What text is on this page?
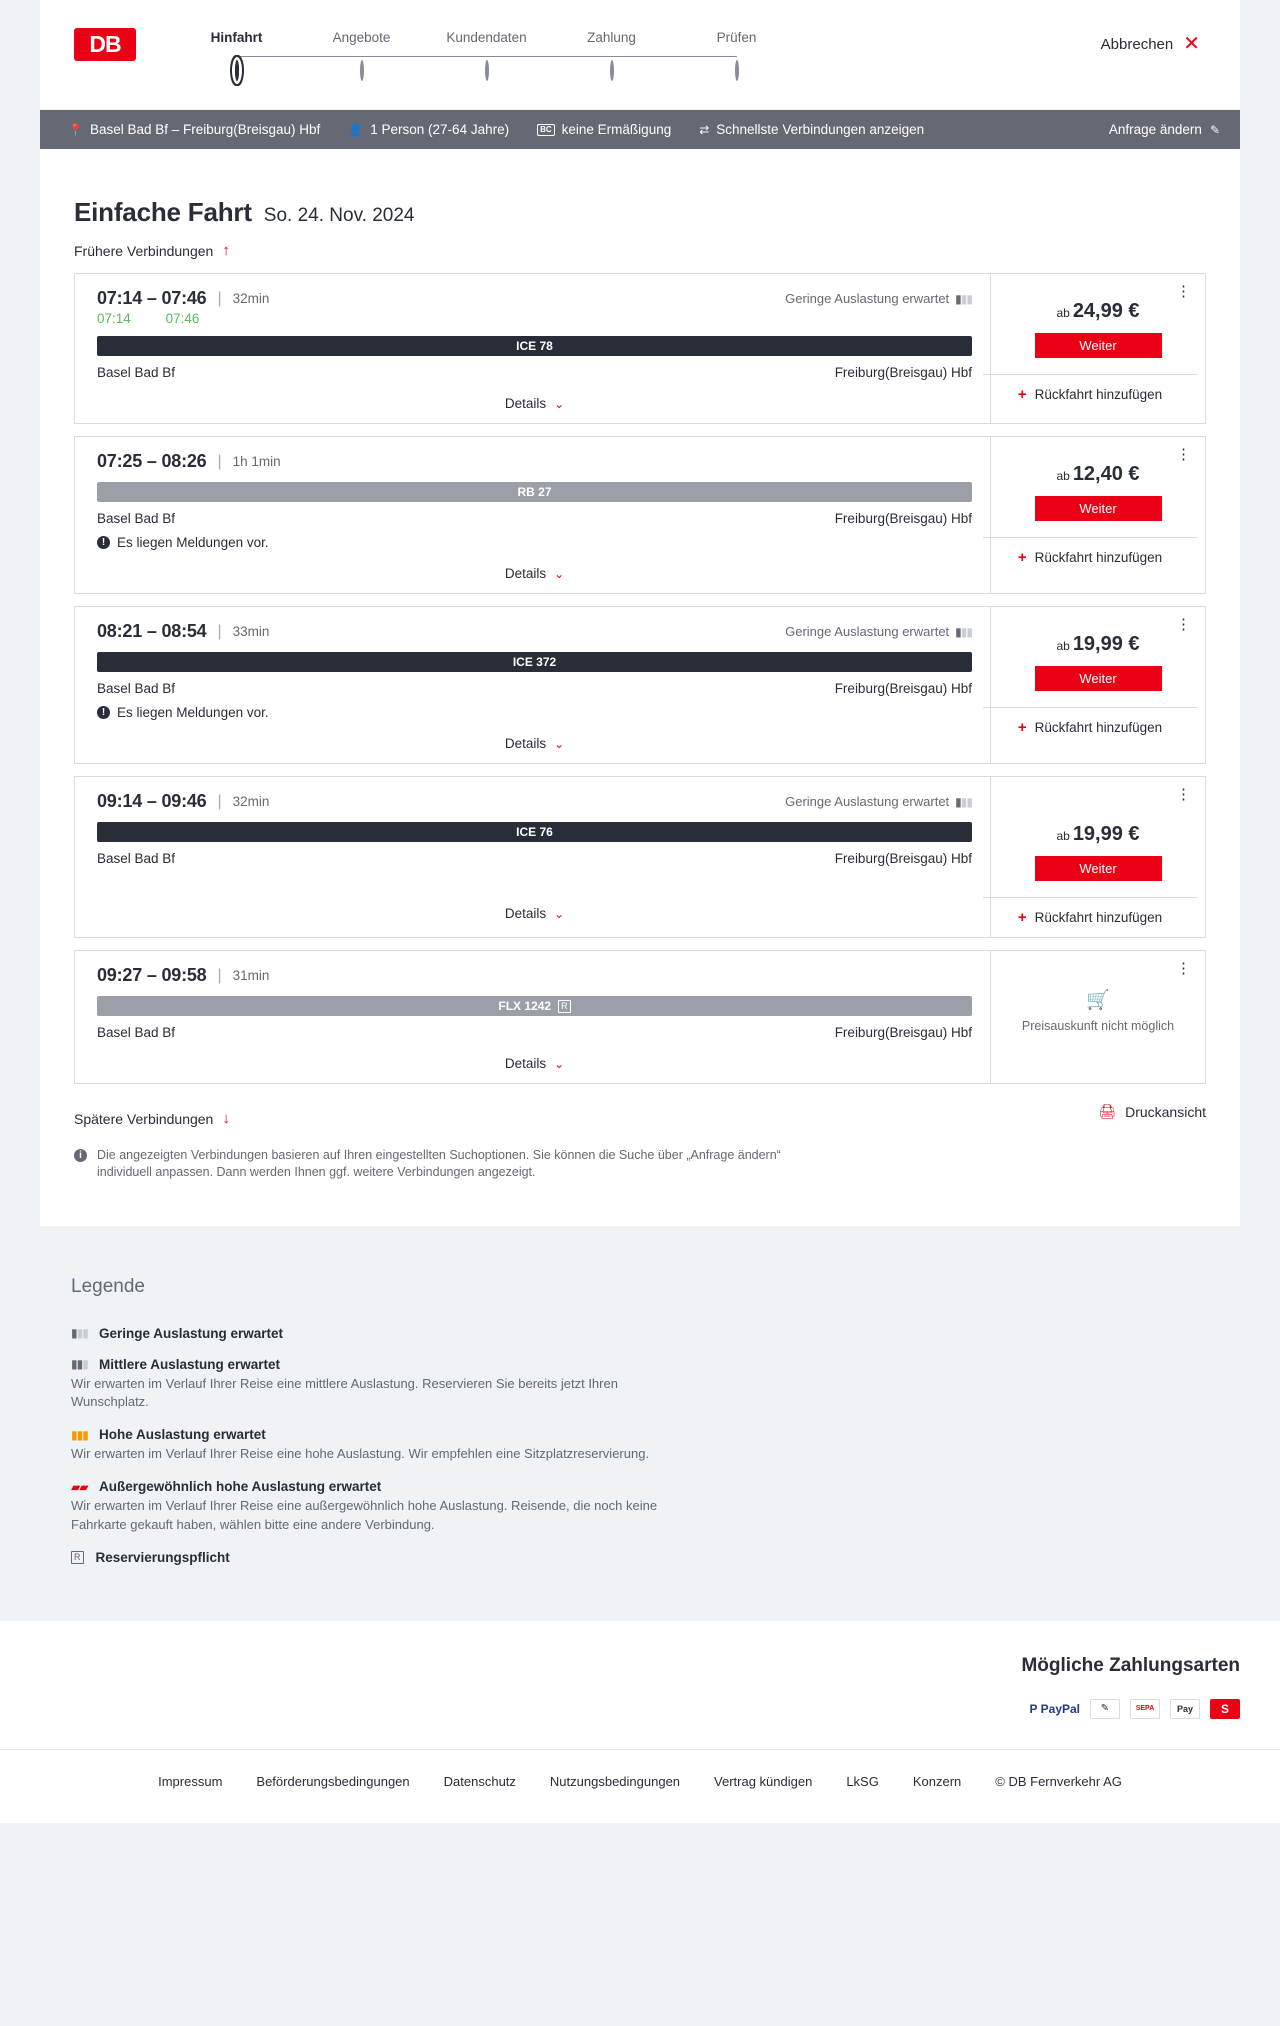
DB	Hinfahrt	Angebote	Kundendaten	Zahlung	Prüfen	Abbrechen ✕
📍 Basel Bad Bf – Freiburg(Breisgau) Hbf 👤 1 Person (27-64 Jahre)	BC keine Ermäßigung ⇄ Schnellste Verbindungen anzeigen	Anfrage ändern ✎
Einfache Fahrt So. 24. Nov. 2024
Frühere Verbindungen ↑
07:14 – 07:46 | 32min	Geringe Auslastung erwartet ▮▮▮
07:14	07:46
ICE 78
Basel Bad Bf	Freiburg(Breisgau) Hbf
Details ⌄
⋮
ab 24,99 €
Weiter
+ Rückfahrt hinzufügen
07:25 – 08:26 | 1h 1min
RB 27
Basel Bad Bf	Freiburg(Breisgau) Hbf
! Es liegen Meldungen vor.
Details ⌄
⋮
ab 12,40 €
Weiter
+ Rückfahrt hinzufügen
08:21 – 08:54 | 33min	Geringe Auslastung erwartet ▮▮▮
ICE 372
Basel Bad Bf	Freiburg(Breisgau) Hbf
! Es liegen Meldungen vor.
Details ⌄
⋮
ab 19,99 €
Weiter
+ Rückfahrt hinzufügen
09:14 – 09:46 | 32min	Geringe Auslastung erwartet ▮▮▮
ICE 76
Basel Bad Bf	Freiburg(Breisgau) Hbf
Details ⌄
⋮
ab 19,99 €
Weiter
+ Rückfahrt hinzufügen
09:27 – 09:58 | 31min
FLX 1242	R
Basel Bad Bf	Freiburg(Breisgau) Hbf
Details ⌄
⋮
🛒
Preisauskunft nicht möglich
Spätere Verbindungen ↓	🖨 Druckansicht
i	Die angezeigten Verbindungen basieren auf Ihren eingestellten Suchoptionen. Sie können die Suche über „Anfrage ändern“ individuell anpassen. Dann werden Ihnen ggf. weitere Verbindungen angezeigt.
Legende
▮▮▮ Geringe Auslastung erwartet
▮▮▮ Mittlere Auslastung erwartet
Wir erwarten im Verlauf Ihrer Reise eine mittlere Auslastung. Reservieren Sie bereits jetzt Ihren Wunschplatz.
▮▮▮ Hohe Auslastung erwartet
Wir erwarten im Verlauf Ihrer Reise eine hohe Auslastung. Wir empfehlen eine Sitzplatzreservierung.
▰▰ Außergewöhnlich hohe Auslastung erwartet
Wir erwarten im Verlauf Ihrer Reise eine außergewöhnlich hohe Auslastung. Reisende, die noch keine Fahrkarte gekauft haben, wählen bitte eine andere Verbindung.
R Reservierungspflicht
Mögliche Zahlungsarten
P PayPal	✎	SEPA	Pay	S
Impressum	Beförderungsbedingungen	Datenschutz	Nutzungsbedingungen	Vertrag kündigen	LkSG	Konzern	© DB Fernverkehr AG
